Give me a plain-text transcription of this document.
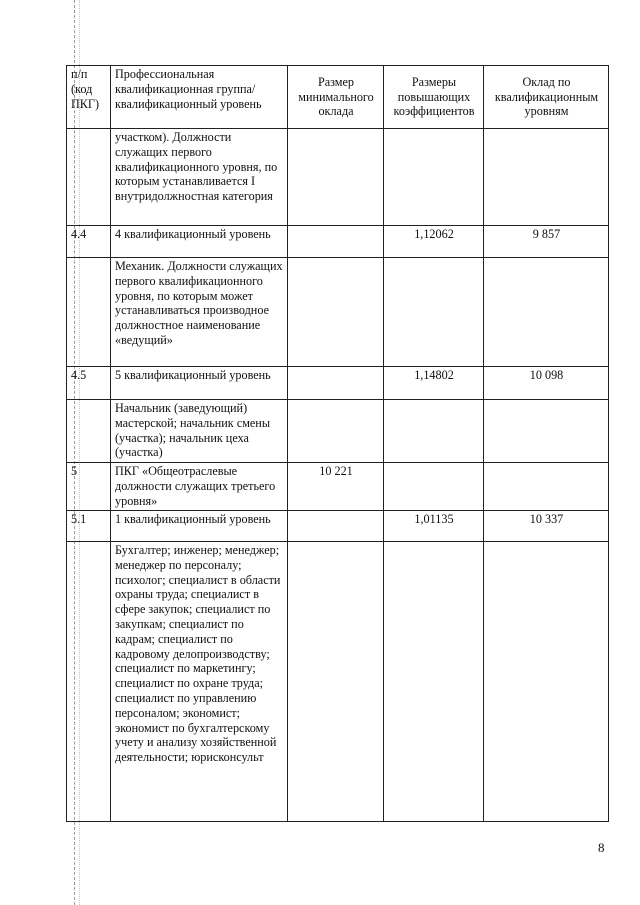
п/п (код ПКГ)	Профессиональная квалификационная группа/квалификационный уровень	Размер минимального оклада	Размеры повышающих коэффициентов	Оклад по квалификационным уровням
	участком). Должности служащих первого квалификационного уровня, по которым устанавливается I внутридолжностная категория			
4.4	4 квалификационный уровень		1,12062	9 857
	Механик. Должности служащих первого квалификационного уровня, по которым может устанавливаться производное должностное наименование «ведущий»			
4.5	5 квалификационный уровень		1,14802	10 098
	Начальник (заведующий) мастерской; начальник смены (участка); начальник цеха (участка)			
5	ПКГ «Общеотраслевые должности служащих третьего уровня»	10 221		
5.1	1 квалификационный уровень		1,01135	10 337
	Бухгалтер; инженер; менеджер; менеджер по персоналу; психолог; специалист в области охраны труда; специалист в сфере закупок; специалист по закупкам; специалист по кадрам; специалист по кадровому делопроизводству; специалист по маркетингу; специалист по охране труда; специалист по управлению персоналом; экономист; экономист по бухгалтерскому учету и анализу хозяйственной деятельности; юрисконсульт			
8
